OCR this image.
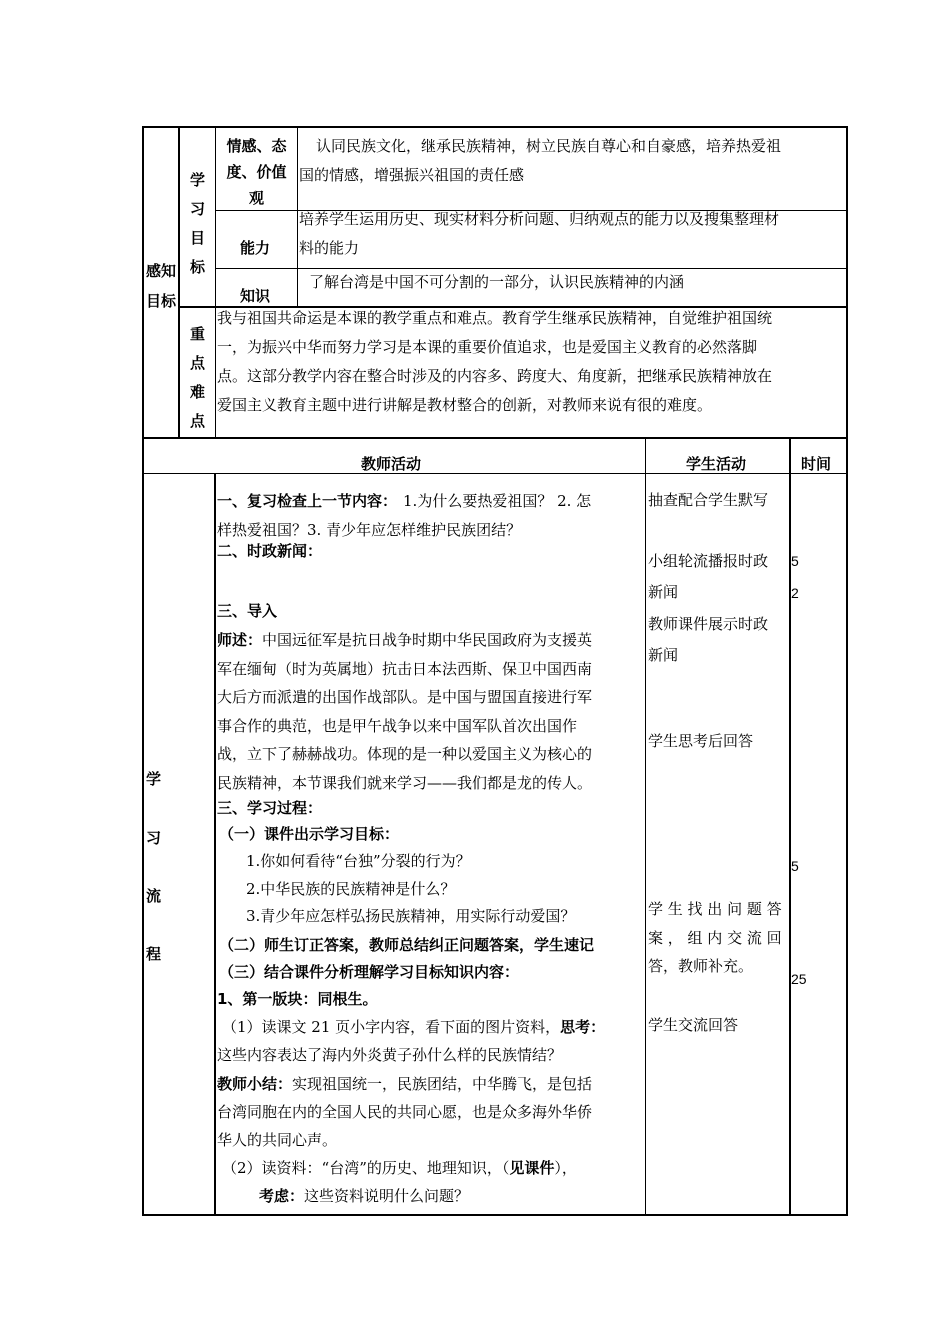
感知
目标
学
习
目
标
重
点
难
点
情感、态
度、价值
观
认同民族文化，继承民族精神，树立民族自尊心和自豪感，培养热爱祖
国的情感，增强振兴祖国的责任感
能力
培养学生运用历史、现实材料分析问题、归纳观点的能力以及搜集整理材
料的能力
知识
了解台湾是中国不可分割的一部分，认识民族精神的内涵
我与祖国共命运是本课的教学重点和难点。教育学生继承民族精神，自觉维护祖国统
一，为振兴中华而努力学习是本课的重要价值追求，也是爱国主义教育的必然落脚
点。这部分教学内容在整合时涉及的内容多、跨度大、角度新，把继承民族精神放在
爱国主义教育主题中进行讲解是教材整合的创新，对教师来说有很的难度。
教师活动	学生活动	时间
学
习
流
程
一、复习检查上一节内容： 1.为什么要热爱祖国？ 2. 怎
样热爱祖国？3. 青少年应怎样维护民族团结？
二、时政新闻：
三、导入
师述：中国远征军是抗日战争时期中华民国政府为支援英
军在缅甸（时为英属地）抗击日本法西斯、保卫中国西南
大后方而派遣的出国作战部队。是中国与盟国直接进行军
事合作的典范，也是甲午战争以来中国军队首次出国作
战，立下了赫赫战功。体现的是一种以爱国主义为核心的
民族精神，本节课我们就来学习——我们都是龙的传人。
三、学习过程：
（一）课件出示学习目标：
1.你如何看待“台独”分裂的行为？
2.中华民族的民族精神是什么？
3.青少年应怎样弘扬民族精神，用实际行动爱国？
（二）师生订正答案，教师总结纠正问题答案，学生速记
（三）结合课件分析理解学习目标知识内容：
1、第一版块：同根生。
（1）读课文 21 页小字内容，看下面的图片资料，思考：
这些内容表达了海内外炎黄子孙什么样的民族情结？
教师小结：实现祖国统一，民族团结，中华腾飞，是包括
台湾同胞在内的全国人民的共同心愿，也是众多海外华侨
华人的共同心声。
（2）读资料：“台湾”的历史、地理知识，（见课件），
考虑：这些资料说明什么问题？
抽查配合学生默写
小组轮流播报时政
新闻
教师课件展示时政
新闻
学生思考后回答
学 生 找 出 问 题 答
案 ， 组 内 交 流 回
答，教师补充。
学生交流回答
5
2
5
25
